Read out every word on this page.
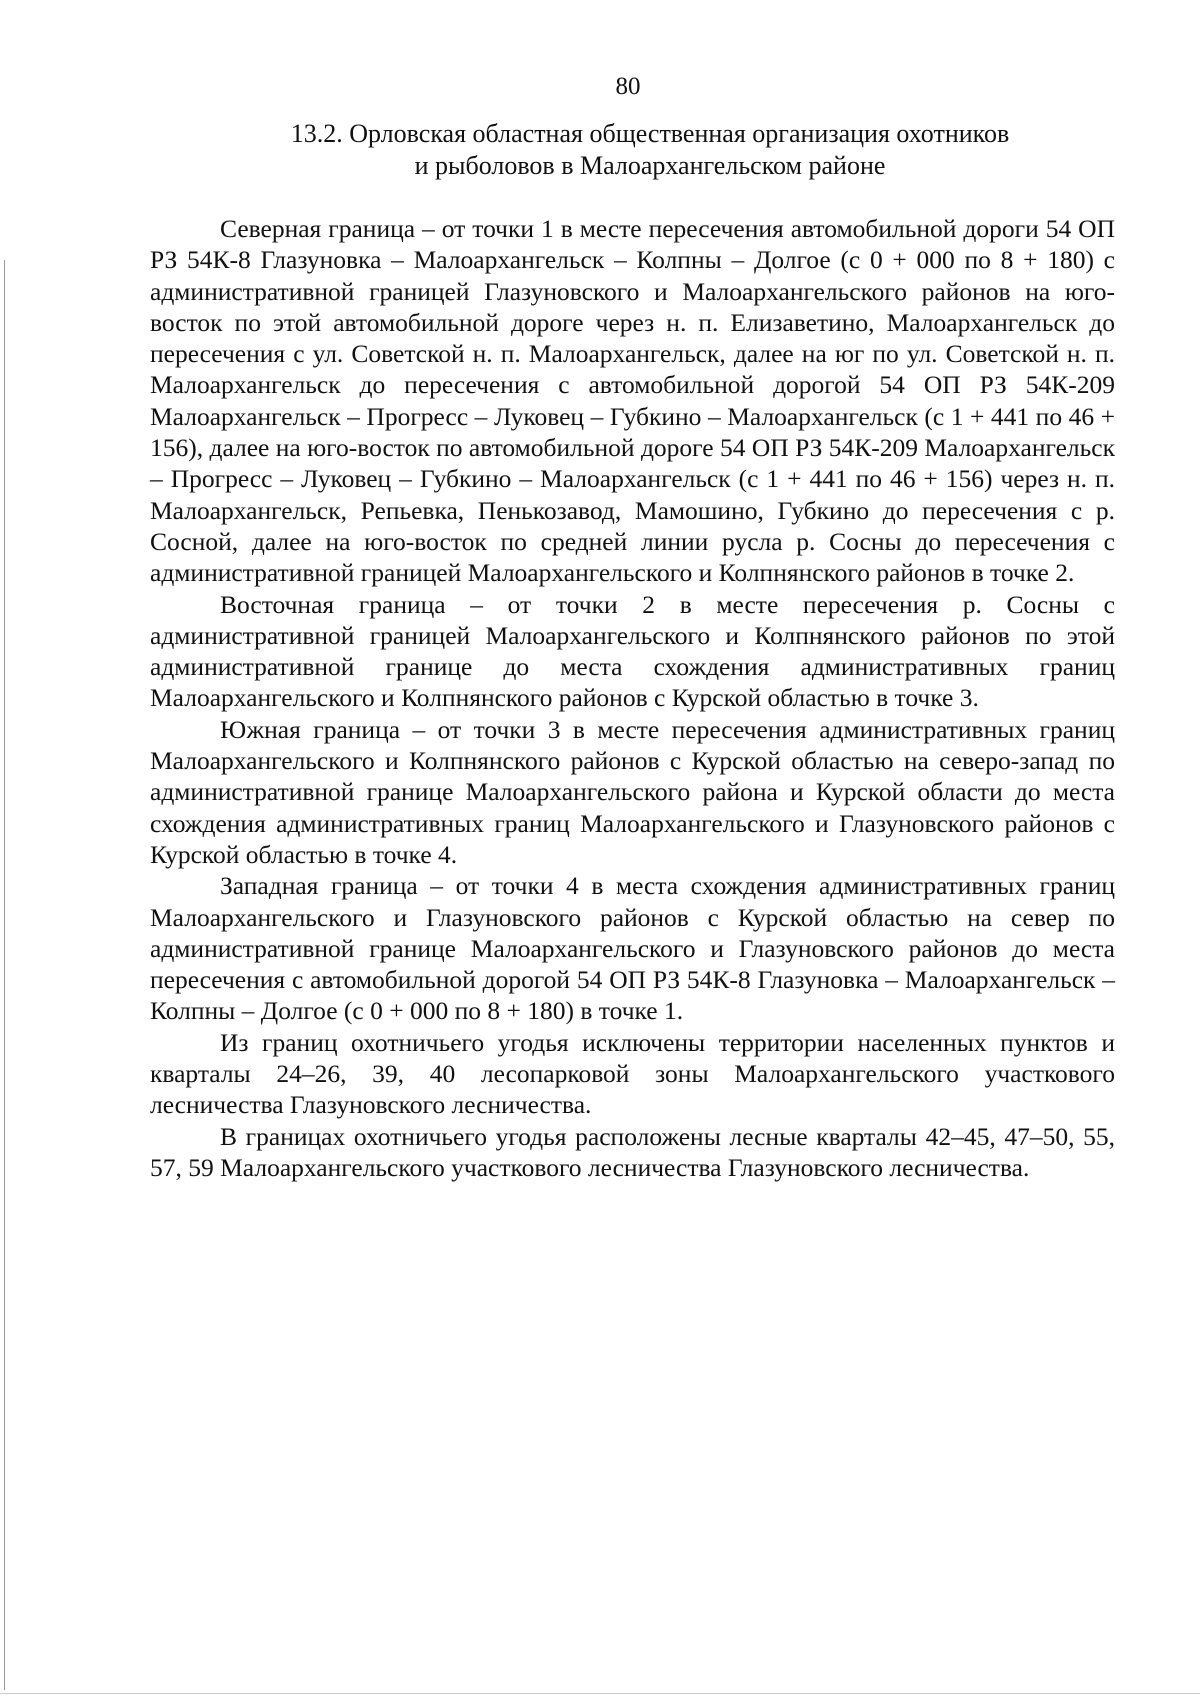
80
13.2. Орловская областная общественная организация охотников
и рыболовов в Малоархангельском районе

Северная граница – от точки 1 в месте пересечения автомобильной дороги 54 ОП РЗ 54К-8 Глазуновка – Малоархангельск – Колпны – Долгое (с 0 + 000 по 8 + 180) с административной границей Глазуновского и Малоархангельского районов на юго-восток по этой автомобильной дороге через н. п. Елизаветино, Малоархангельск до пересечения с ул. Советской н. п. Малоархангельск, далее на юг по ул. Советской н. п. Малоархангельск до пересечения с автомобильной дорогой 54 ОП РЗ 54К-209 Малоархангельск – Прогресс – Луковец – Губкино – Малоархангельск (с 1 + 441 по 46 + 156), далее на юго-восток по автомобильной дороге 54 ОП РЗ 54К-209 Малоархангельск – Прогресс – Луковец – Губкино – Малоархангельск (с 1 + 441 по 46 + 156) через н. п. Малоархангельск, Репьевка, Пенькозавод, Мамошино, Губкино до пересечения с р. Сосной, далее на юго-восток по средней линии русла р. Сосны до пересечения с административной границей Малоархангельского и Колпнянского районов в точке 2.

Восточная граница – от точки 2 в месте пересечения р. Сосны с административной границей Малоархангельского и Колпнянского районов по этой административной границе до места схождения административных границ Малоархангельского и Колпнянского районов с Курской областью в точке 3.

Южная граница – от точки 3 в месте пересечения административных границ Малоархангельского и Колпнянского районов с Курской областью на северо-запад по административной границе Малоархангельского района и Курской области до места схождения административных границ Малоархангельского и Глазуновского районов с Курской областью в точке 4.

Западная граница – от точки 4 в места схождения административных границ Малоархангельского и Глазуновского районов с Курской областью на север по административной границе Малоархангельского и Глазуновского районов до места пересечения с автомобильной дорогой 54 ОП РЗ 54К-8 Глазуновка – Малоархангельск – Колпны – Долгое (с 0 + 000 по 8 + 180) в точке 1.

Из границ охотничьего угодья исключены территории населенных пунктов и кварталы 24–26, 39, 40 лесопарковой зоны Малоархангельского участкового лесничества Глазуновского лесничества.

В границах охотничьего угодья расположены лесные кварталы 42–45, 47–50, 55, 57, 59 Малоархангельского участкового лесничества Глазуновского лесничества.
